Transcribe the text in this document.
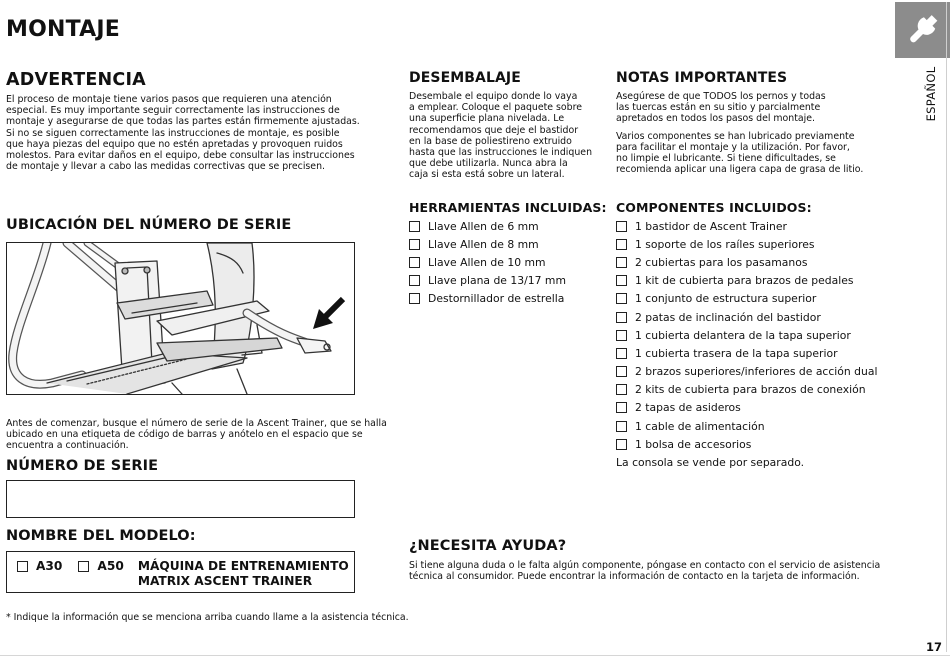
MONTAJE
ESPAÑOL
ADVERTENCIA
El proceso de montaje tiene varios pasos que requieren una atención
especial. Es muy importante seguir correctamente las instrucciones de
montaje y asegurarse de que todas las partes están firmemente ajustadas.
Si no se siguen correctamente las instrucciones de montaje, es posible
que haya piezas del equipo que no estén apretadas y provoquen ruidos
molestos. Para evitar daños en el equipo, debe consultar las instrucciones
de montaje y llevar a cabo las medidas correctivas que se precisen.
DESEMBALAJE
Desembale el equipo donde lo vaya
a emplear. Coloque el paquete sobre
una superficie plana nivelada. Le
recomendamos que deje el bastidor
en la base de poliestireno extruido
hasta que las instrucciones le indiquen
que debe utilizarla. Nunca abra la
caja si esta está sobre un lateral.
NOTAS IMPORTANTES
Asegúrese de que TODOS los pernos y todas
las tuercas están en su sitio y parcialmente
apretados en todos los pasos del montaje.
Varios componentes se han lubricado previamente
para facilitar el montaje y la utilización. Por favor,
no limpie el lubricante. Si tiene dificultades, se
recomienda aplicar una ligera capa de grasa de litio.
UBICACIÓN DEL NÚMERO DE SERIE
Antes de comenzar, busque el número de serie de la Ascent Trainer, que se halla
ubicado en una etiqueta de código de barras y anótelo en el espacio que se
encuentra a continuación.
NÚMERO DE SERIE
NOMBRE DEL MODELO:
A30	A50 MÁQUINA DE ENTRENAMIENTO
MATRIX ASCENT TRAINER
* Indique la información que se menciona arriba cuando llame a la asistencia técnica.
HERRAMIENTAS INCLUIDAS:
Llave Allen de 6 mm
Llave Allen de 8 mm
Llave Allen de 10 mm
Llave plana de 13/17 mm
Destornillador de estrella
COMPONENTES INCLUIDOS:
1 bastidor de Ascent Trainer
1 soporte de los raíles superiores
2 cubiertas para los pasamanos
1 kit de cubierta para brazos de pedales
1 conjunto de estructura superior
2 patas de inclinación del bastidor
1 cubierta delantera de la tapa superior
1 cubierta trasera de la tapa superior
2 brazos superiores/inferiores de acción dual
2 kits de cubierta para brazos de conexión
2 tapas de asideros
1 cable de alimentación
1 bolsa de accesorios
La consola se vende por separado.
¿NECESITA AYUDA?
Si tiene alguna duda o le falta algún componente, póngase en contacto con el servicio de asistencia
técnica al consumidor. Puede encontrar la información de contacto en la tarjeta de información.
17
